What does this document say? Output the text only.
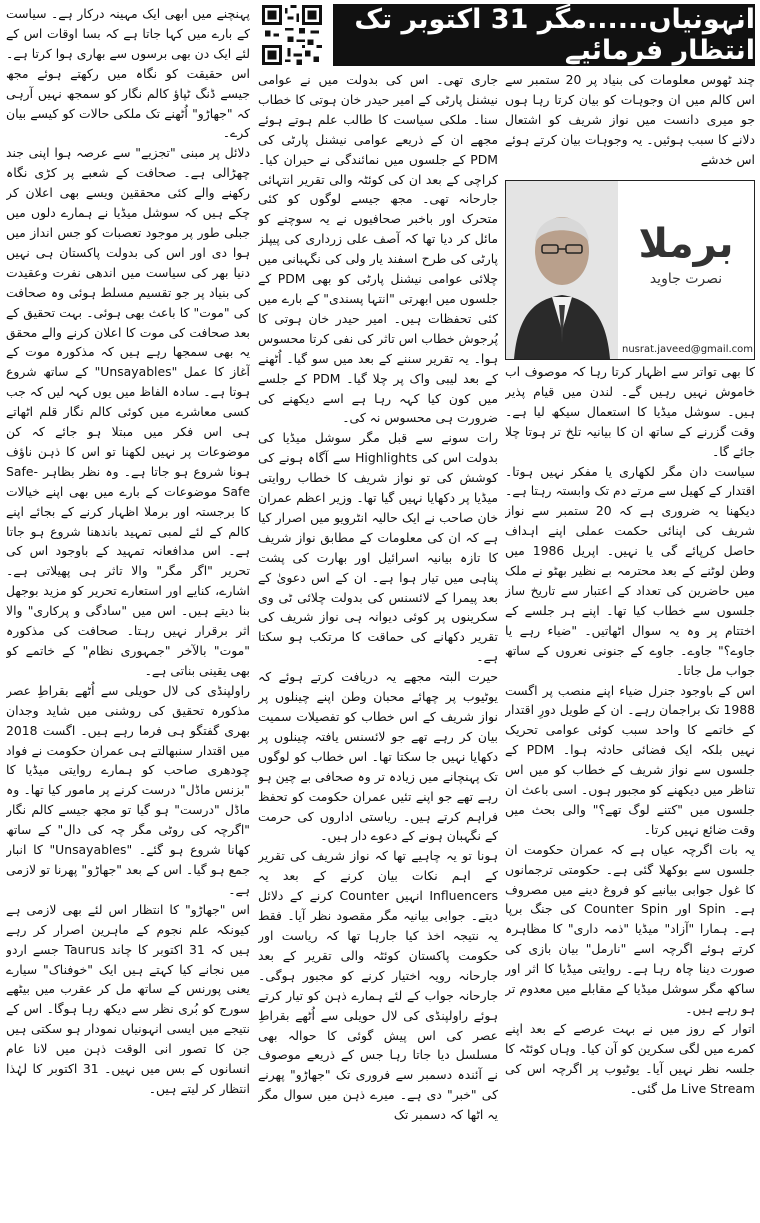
انہونیاں......مگر 31 اکتوبر تک انتظار فرمائیے

چند ٹھوس معلومات کی بنیاد پر 20 ستمبر سے اس کالم میں ان وجوہات کو بیان کرتا رہا ہوں جو میری دانست میں نواز شریف کو اشتعال دلانے کا سبب ہوئیں۔ یہ وجوہات بیان کرتے ہوئے اس خدشے

برملا
نصرت جاوید
nusrat.javeed@gmail.com

کا بھی تواتر سے اظہار کرتا رہا کہ موصوف اب خاموش نہیں رہیں گے۔ لندن میں قیام پذیر ہیں۔ سوشل میڈیا کا استعمال سیکھ لیا ہے۔ وقت گزرنے کے ساتھ ان کا بیانیہ تلخ تر ہوتا چلا جائے گا۔

سیاست دان مگر لکھاری یا مفکر نہیں ہوتا۔ اقتدار کے کھیل سے مرتے دم تک وابستہ رہتا ہے۔ دیکھنا یہ ضروری ہے کہ 20 ستمبر سے نواز شریف کی اپنائی حکمت عملی اپنے اہداف حاصل کرپائے گی یا نہیں۔ اپریل 1986 میں وطن لوٹنے کے بعد محترمہ بے نظیر بھٹو نے ملک میں حاضرین کی تعداد کے اعتبار سے تاریخ ساز جلسوں سے خطاب کیا تھا۔ اپنے ہر جلسے کے اختتام پر وہ یہ سوال اٹھاتیں۔ "ضیاء رہے یا جاوے؟" جاوے۔ جاوے کے جنونی نعروں کے ساتھ جواب مل جاتا۔

اس کے باوجود جنرل ضیاء اپنے منصب پر اگست 1988 تک براجمان رہے۔ ان کے طویل دورِ اقتدار کے خاتمے کا واحد سبب کوئی عوامی تحریک نہیں بلکہ ایک فضائی حادثہ ہوا۔ PDM کے جلسوں سے نواز شریف کے خطاب کو میں اس تناظر میں دیکھنے کو مجبور ہوں۔ اسی باعث ان جلسوں میں "کتنے لوگ تھے؟" والی بحث میں وقت ضائع نہیں کرتا۔

یہ بات اگرچہ عیاں ہے کہ عمران حکومت ان جلسوں سے بوکھلا گئی ہے۔ حکومتی ترجمانوں کا غول جوابی بیانیے کو فروغ دینے میں مصروف ہے۔ Spin اور Counter Spin کی جنگ برپا ہے۔ ہمارا "آزاد" میڈیا "ذمہ داری" کا مظاہرہ کرتے ہوئے اگرچہ اسے "نارمل" بیان بازی کی صورت دینا چاہ رہا ہے۔ روایتی میڈیا کا اثر اور ساکھ مگر سوشل میڈیا کے مقابلے میں معدوم تر ہو رہے ہیں۔

اتوار کے روز میں نے بہت عرصے کے بعد اپنے کمرے میں لگی سکرین کو آن کیا۔ وہاں کوئٹہ کا جلسہ نظر نہیں آیا۔ یوٹیوب پر اگرچہ اس کی Live Stream مل گئی۔

جاری تھی۔ اس کی بدولت میں نے عوامی نیشنل پارٹی کے امیر حیدر خان ہوتی کا خطاب سنا۔ ملکی سیاست کا طالب علم ہوتے ہوئے مجھے ان کے ذریعے عوامی نیشنل پارٹی کی PDM کے جلسوں میں نمائندگی نے حیران کیا۔ کراچی کے بعد ان کی کوئٹہ والی تقریر انتہائی جارحانہ تھی۔ مجھ جیسے لوگوں کو کئی متحرک اور باخبر صحافیوں نے یہ سوچنے کو مائل کر دیا تھا کہ آصف علی زرداری کی پیپلز پارٹی کی طرح اسفند یار ولی کی نگہبانی میں چلائی عوامی نیشنل پارٹی کو بھی PDM کے جلسوں میں ابھرتی "انتہا پسندی" کے بارے میں کئی تحفظات ہیں۔ امیر حیدر خان ہوتی کا پُرجوش خطاب اس تاثر کی نفی کرتا محسوس ہوا۔ یہ تقریر سننے کے بعد میں سو گیا۔ اُٹھنے کے بعد لیبی واک پر چلا گیا۔ PDM کے جلسے میں کون کیا کہہ رہا ہے اسے دیکھنے کی ضرورت ہی محسوس نہ کی۔

رات سونے سے قبل مگر سوشل میڈیا کی بدولت اس کی Highlights سے آگاہ ہونے کی کوشش کی تو نواز شریف کا خطاب روایتی میڈیا پر دکھایا نہیں گیا تھا۔ وزیر اعظم عمران خان صاحب نے ایک حالیہ انٹرویو میں اصرار کیا ہے کہ ان کی معلومات کے مطابق نواز شریف کا تازہ بیانیہ اسرائیل اور بھارت کی پشت پناہی میں تیار ہوا ہے۔ ان کے اس دعویٰ کے بعد پیمرا کے لائسنس کی بدولت چلائی ٹی وی سکرینوں پر کوئی دیوانہ ہی نواز شریف کی تقریر دکھانے کی حماقت کا مرتکب ہو سکتا ہے۔

حیرت البتہ مجھے یہ دریافت کرتے ہوئے کہ یوٹیوب پر چھائے محبان وطن اپنے چینلوں پر نواز شریف کے اس خطاب کو تفصیلات سمیت بیان کر رہے تھے جو لائسنس یافتہ چینلوں پر دکھایا نہیں جا سکتا تھا۔ اس خطاب کو لوگوں تک پہنچانے میں زیادہ تر وہ صحافی بے چین ہو رہے تھے جو اپنے تئیں عمران حکومت کو تحفظ فراہم کرتے ہیں۔ ریاستی اداروں کی حرمت کے نگہبان ہونے کے دعوے دار ہیں۔

ہونا تو یہ چاہیے تھا کہ نواز شریف کی تقریر کے اہم نکات بیان کرنے کے بعد یہ Influencers انہیں Counter کرنے کے دلائل دیتے۔ جوابی بیانیہ مگر مقصود نظر آیا۔ فقط یہ نتیجہ اخذ کیا جارہا تھا کہ ریاست اور حکومت پاکستان کوئٹہ والی تقریر کے بعد جارحانہ رویہ اختیار کرنے کو مجبور ہوگی۔ جارحانہ جواب کے لئے ہمارے ذہن کو تیار کرتے ہوئے راولپنڈی کی لال حویلی سے اُٹھے بقراطِ عصر کی اس پیش گوئی کا حوالہ بھی مسلسل دیا جاتا رہا جس کے ذریعے موصوف نے آئندہ دسمبر سے فروری تک "جھاڑو" پھرنے کی "خبر" دی ہے۔ میرے ذہن میں سوال مگر یہ اٹھا کہ دسمبر تک

پہنچنے میں ابھی ایک مہینہ درکار ہے۔ سیاست کے بارے میں کہا جاتا ہے کہ بسا اوقات اس کے لئے ایک دن بھی برسوں سے بھاری ہوا کرتا ہے۔ اس حقیقت کو نگاہ میں رکھتے ہوئے مجھ جیسے ڈنگ ٹپاؤ کالم نگار کو سمجھ نہیں آرہی کہ "جھاڑو" اُٹھنے تک ملکی حالات کو کیسے بیان کرے۔

دلائل پر مبنی "تجزیے" سے عرصہ ہوا اپنی جند چھڑالی ہے۔ صحافت کے شعبے پر کڑی نگاہ رکھنے والے کئی محققین ویسے بھی اعلان کر چکے ہیں کہ سوشل میڈیا نے ہمارے دلوں میں جبلی طور پر موجود تعصبات کو جس انداز میں ہوا دی اور اس کی بدولت پاکستان ہی نہیں دنیا بھر کی سیاست میں اندھی نفرت وعقیدت کی بنیاد پر جو تقسیم مسلط ہوئی وہ صحافت کی "موت" کا باعث بھی ہوئی۔ بہت تحقیق کے بعد صحافت کی موت کا اعلان کرنے والے محقق یہ بھی سمجھا رہے ہیں کہ مذکورہ موت کے آغاز کا عمل "Unsayables" کے ساتھ شروع ہوتا ہے۔ سادہ الفاظ میں یوں کہہ لیں کہ جب کسی معاشرے میں کوئی کالم نگار قلم اٹھاتے ہی اس فکر میں مبتلا ہو جائے کہ کن موضوعات پر نہیں لکھنا تو اس کا ذہن ناؤف ہونا شروع ہو جاتا ہے۔ وہ نظر بظاہر Safe-Safe موضوعات کے بارے میں بھی اپنے خیالات کا برجستہ اور برملا اظہار کرنے کے بجائے اپنے کالم کے لئے لمبی تمہید باندھنا شروع ہو جاتا ہے۔ اس مدافعانہ تمہید کے باوجود اس کی تحریر "اگر مگر" والا تاثر ہی پھیلاتی ہے۔ اشارے، کنایے اور استعارے تحریر کو مزید بوجھل بنا دیتے ہیں۔ اس میں "سادگی و پرکاری" والا اثر برقرار نہیں رہتا۔ صحافت کی مذکورہ "موت" بالآخر "جمہوری نظام" کے خاتمے کو بھی یقینی بناتی ہے۔

راولپنڈی کی لال حویلی سے اُٹھے بقراطِ عصر مذکورہ تحقیق کی روشنی میں شاید وجدان بھری گفتگو ہی فرما رہے ہیں۔ اگست 2018 میں اقتدار سنبھالتے ہی عمران حکومت نے فواد چودھری صاحب کو ہمارے روایتی میڈیا کا "بزنس ماڈل" درست کرنے پر مامور کیا تھا۔ وہ ماڈل "درست" ہو گیا تو مجھ جیسے کالم نگار "اگرچہ کی روٹی مگر چہ کی دال" کے ساتھ کھانا شروع ہو گئے۔ "Unsayables" کا انبار جمع ہو گیا۔ اس کے بعد "جھاڑو" پھرنا تو لازمی ہے۔

اس "جھاڑو" کا انتظار اس لئے بھی لازمی ہے کیونکہ علم نجوم کے ماہرین اصرار کر رہے ہیں کہ 31 اکتوبر کا چاند Taurus جسے اردو میں نجانے کیا کہتے ہیں ایک "خوفناک" سیارے یعنی پورنس کے ساتھ مل کر عقرب میں بیٹھے سورج کو بُری نظر سے دیکھ رہا ہوگا۔ اس کے نتیجے میں ایسی انہونیاں نمودار ہو سکتی ہیں جن کا تصور انی الوقت ذہن میں لانا عام انسانوں کے بس میں نہیں۔ 31 اکتوبر کا لہٰذا انتظار کر لیتے ہیں۔
